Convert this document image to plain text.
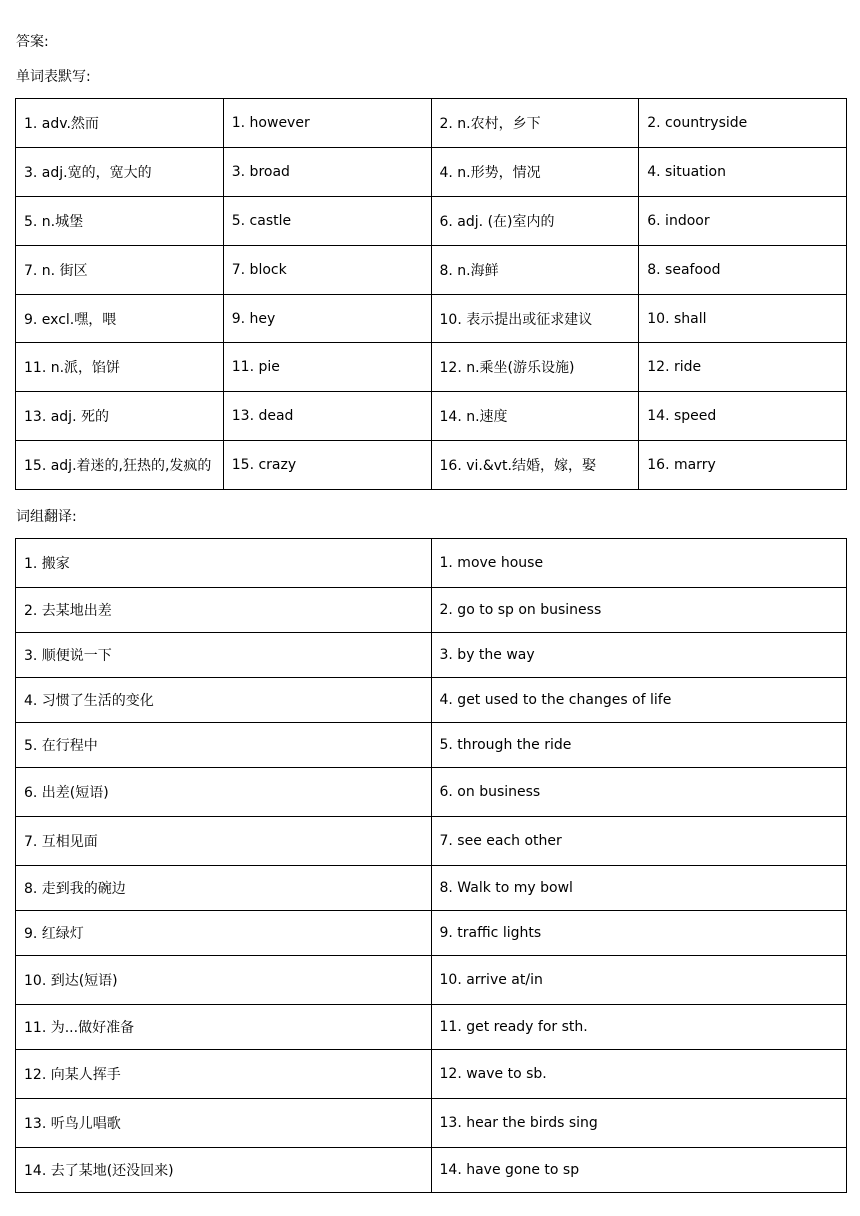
答案:
单词表默写:
1. adv.然而	1. however	2. n.农村，乡下	2. countryside
3. adj.宽的，宽大的	3. broad	4. n.形势，情况	4. situation
5. n.城堡	5. castle	6. adj. (在)室内的	6. indoor
7. n. 街区	7. block	8. n.海鲜	8. seafood
9. excl.嘿，喂	9. hey	10. 表示提出或征求建议	10. shall
11. n.派，馅饼	11. pie	12. n.乘坐(游乐设施)	12. ride
13. adj. 死的	13. dead	14. n.速度	14. speed
15. adj.着迷的,狂热的,发疯的	15. crazy	16. vi.&vt.结婚，嫁，娶	16. marry
词组翻译:
1. 搬家	1. move house
2. 去某地出差	2. go to sp on business
3. 顺便说一下	3. by the way
4. 习惯了生活的变化	4. get used to the changes of life
5. 在行程中	5. through the ride
6. 出差(短语)	6. on business
7. 互相见面	7. see each other
8. 走到我的碗边	8. Walk to my bowl
9. 红绿灯	9. traffic lights
10. 到达(短语)	10. arrive at/in
11. 为...做好准备	11. get ready for sth.
12. 向某人挥手	12. wave to sb.
13. 听鸟儿唱歌	13. hear the birds sing
14. 去了某地(还没回来)	14. have gone to sp
